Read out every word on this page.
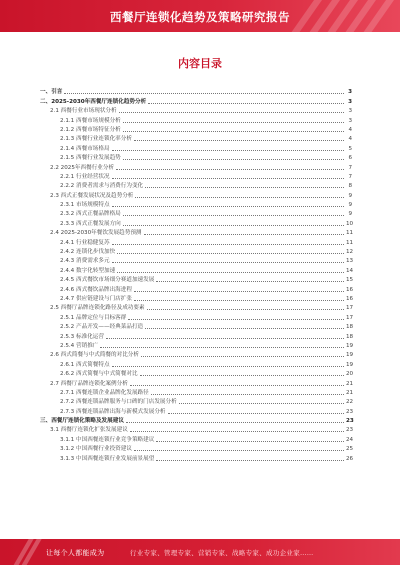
西餐厅连锁化趋势及策略研究报告
内容目录
一、引言	3
二、2025-2030年西餐厅连锁化趋势分析	3
2.1 西餐行业市场现状分析	3
2.1.1 西餐市场规模分析	3
2.1.2 西餐市场特征分析	4
2.1.3 西餐行业连锁化率分析	4
2.1.4 西餐市场格局	5
2.1.5 西餐行业发展趋势	6
2.2 2025年西餐行业分析	7
2.2.1 行业经营状况	7
2.2.2 消费者需求与消费行为变化	8
2.3 西式正餐发展状况及趋势分析	9
2.3.1 市场规模特点	9
2.3.2 西式正餐品牌格局	9
2.3.3 西式正餐发展方向	10
2.4 2025-2030年餐饮发展趋势预测	11
2.4.1 行业稳健复苏	11
2.4.2 连锁化步伐加快	12
2.4.3 消费需求多元	13
2.4.4 数字化转型加速	14
2.4.5 西式餐饮市场细分赛道加速发展	15
2.4.6 西式餐饮品牌出海进程	16
2.4.7 供应链建设与门店扩张	16
2.5 西餐厅品牌连锁化路径及成功要素	17
2.5.1 品牌定位与目标客群	17
2.5.2 产品开发——经典菜品打造	18
2.5.3 标准化运营	18
2.5.4 营销推广	19
2.6 西式简餐与中式简餐的对比分析	19
2.6.1 西式简餐特点	19
2.6.2 西式简餐与中式简餐对比	20
2.7 西餐厅品牌连锁化案例分析	21
2.7.1 西餐连锁企业品牌化发展路径	21
2.7.2 西餐连锁品牌服务与口碑的门店发展分析	22
2.7.3 西餐连锁品牌出海与新模式发展分析	23
三、西餐厅连锁化策略及发展建议	23
3.1 西餐厅连锁化扩张发展建议	23
3.1.1 中国西餐连锁行业竞争策略建议	24
3.1.2 中国西餐行业投资建议	25
3.1.3 中国西餐连锁行业发展前景展望	26
让每个人都能成为	行业专家、管理专家、营销专家、战略专家、成功企业家……
